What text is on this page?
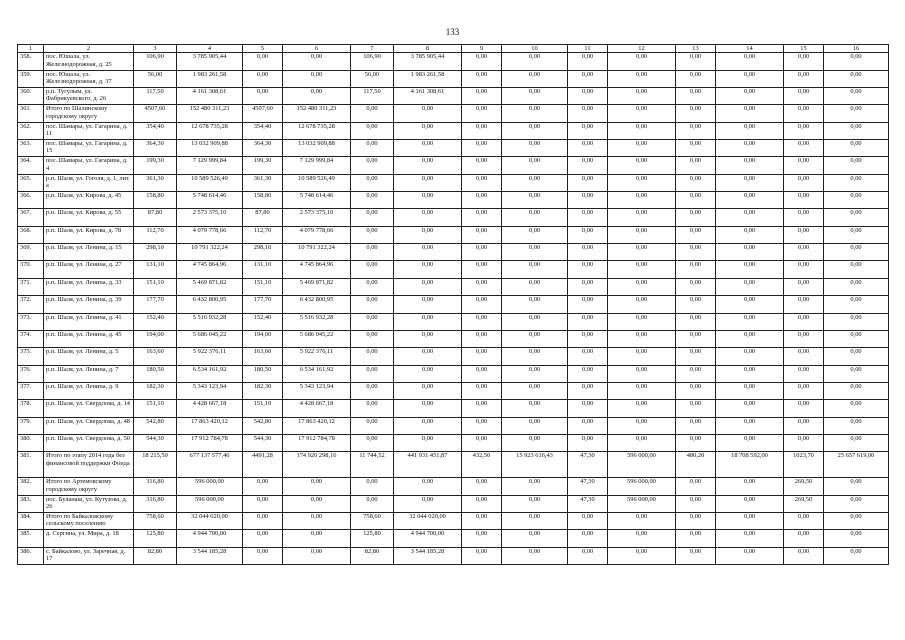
133
1	2	3	4	5	6	7	8	9	10	11	12	13	14	15	16
358.	пос. Юшала, ул. Железнодорожная, д. 25	106,90	3 785 905,44	0,00	0,00	106,90	3 785 905,44	0,00	0,00	0,00	0,00	0,00	0,00	0,00	0,00
359.	пос. Юшала, ул. Железнодорожная, д. 37	56,00	1 983 261,58	0,00	0,00	56,00	1 983 261,58	0,00	0,00	0,00	0,00	0,00	0,00	0,00	0,00
360.	р.п. Тугулым, ул. Фабрикуевского, д. 26	117,50	4 161 308,61	0,00	0,00	117,50	4 161 308,61	0,00	0,00	0,00	0,00	0,00	0,00	0,00	0,00
361.	Итого по Шалинскому городскому округу	4507,60	152 480 311,23	4507,60	152 480 311,23	0,00	0,00	0,00	0,00	0,00	0,00	0,00	0,00	0,00	0,00
362.	пос. Шамары, ул. Гагарина, д. 11	354,40	12 678 735,28	354,40	12 678 735,28	0,00	0,00	0,00	0,00	0,00	0,00	0,00	0,00	0,00	0,00
363.	пос. Шамары, ул. Гагарина, д. 15	364,30	13 032 909,88	364,30	13 032 909,88	0,00	0,00	0,00	0,00	0,00	0,00	0,00	0,00	0,00	0,00
364.	пос. Шамары, ул. Гагарина, д. 4	199,30	7 129 999,84	199,30	7 129 999,84	0,00	0,00	0,00	0,00	0,00	0,00	0,00	0,00	0,00	0,00
365.	р.п. Шаля, ул. Гоголя, д. 1, лит. а	361,30	10 589 526,49	361,30	10 589 526,49	0,00	0,00	0,00	0,00	0,00	0,00	0,00	0,00	0,00	0,00
366.	р.п. Шаля, ул. Кирова, д. 45	158,80	5 748 614,46	158,80	5 748 614,46	0,00	0,00	0,00	0,00	0,00	0,00	0,00	0,00	0,00	0,00
367.	р.п. Шаля, ул. Кирова, д. 55	87,80	2 573 375,10	87,80	2 573 375,10	0,00	0,00	0,00	0,00	0,00	0,00	0,00	0,00	0,00	0,00
368.	р.п. Шаля, ул. Кирова, д. 78	112,70	4 079 778,66	112,70	4 079 778,66	0,00	0,00	0,00	0,00	0,00	0,00	0,00	0,00	0,00	0,00
369.	р.п. Шаля, ул. Ленина, д. 15	298,10	10 791 322,24	298,10	10 791 322,24	0,00	0,00	0,00	0,00	0,00	0,00	0,00	0,00	0,00	0,00
370.	р.п. Шаля, ул. Ленина, д. 27	131,10	4 745 864,96	131,10	4 745 864,96	0,00	0,00	0,00	0,00	0,00	0,00	0,00	0,00	0,00	0,00
371.	р.п. Шаля, ул. Ленина, д. 33	151,10	5 469 871,82	151,10	5 469 871,82	0,00	0,00	0,00	0,00	0,00	0,00	0,00	0,00	0,00	0,00
372.	р.п. Шаля, ул. Ленина, д. 39	177,70	6 432 800,95	177,70	6 432 800,95	0,00	0,00	0,00	0,00	0,00	0,00	0,00	0,00	0,00	0,00
373.	р.п. Шаля, ул. Ленина, д. 41	152,40	5 516 932,28	152,40	5 516 932,28	0,00	0,00	0,00	0,00	0,00	0,00	0,00	0,00	0,00	0,00
374.	р.п. Шаля, ул. Ленина, д. 45	194,00	5 686 045,22	194,00	5 686 045,22	0,00	0,00	0,00	0,00	0,00	0,00	0,00	0,00	0,00	0,00
375.	р.п. Шаля, ул. Ленина, д. 5	163,60	5 922 376,11	163,60	5 922 376,11	0,00	0,00	0,00	0,00	0,00	0,00	0,00	0,00	0,00	0,00
376.	р.п. Шаля, ул. Ленина, д. 7	180,50	6 534 161,92	180,50	6 534 161,92	0,00	0,00	0,00	0,00	0,00	0,00	0,00	0,00	0,00	0,00
377.	р.п. Шаля, ул. Ленина, д. 9	182,30	5 343 123,94	182,30	5 343 123,94	0,00	0,00	0,00	0,00	0,00	0,00	0,00	0,00	0,00	0,00
378.	р.п. Шаля, ул. Свердлова, д. 14	151,10	4 428 667,18	151,10	4 428 667,18	0,00	0,00	0,00	0,00	0,00	0,00	0,00	0,00	0,00	0,00
379.	р.п. Шаля, ул. Свердлова, д. 48	542,80	17 863 420,12	542,80	17 863 420,12	0,00	0,00	0,00	0,00	0,00	0,00	0,00	0,00	0,00	0,00
380.	р.п. Шаля, ул. Свердлова, д. 50	544,30	17 912 784,78	544,30	17 912 784,78	0,00	0,00	0,00	0,00	0,00	0,00	0,00	0,00	0,00	0,00
381.	Итого по этапу 2014 года без финансовой поддержки Фонда	18 215,50	677 137 577,46	4491,28	174 920 298,16	11 744,52	441 931 451,87	432,50	15 923 616,43	47,30	596 000,00	480,20	18 708 592,00	1023,70	25 657 619,00
382.	Итого по Артемовскому городскому округу	316,80	596 000,00	0,00	0,00	0,00	0,00	0,00	0,00	47,30	596 000,00	0,00	0,00	269,50	0,00
383.	пос. Буланаш, ул. Кутузова, д. 26	316,80	596 000,00	0,00	0,00	0,00	0,00	0,00	0,00	47,30	596 000,00	0,00	0,00	269,50	0,00
384.	Итого по Байкаловскому сельскому поселению	758,60	32 044 020,00	0,00	0,00	758,60	32 044 020,00	0,00	0,00	0,00	0,00	0,00	0,00	0,00	0,00
385.	д. Сергина, ул. Мира, д. 18	125,80	4 944 700,00	0,00	0,00	125,80	4 944 700,00	0,00	0,00	0,00	0,00	0,00	0,00	0,00	0,00
386.	с. Байкалово, ул. Заречная, д. 17	82,80	3 544 185,28	0,00	0,00	82,80	3 544 185,28	0,00	0,00	0,00	0,00	0,00	0,00	0,00	0,00
